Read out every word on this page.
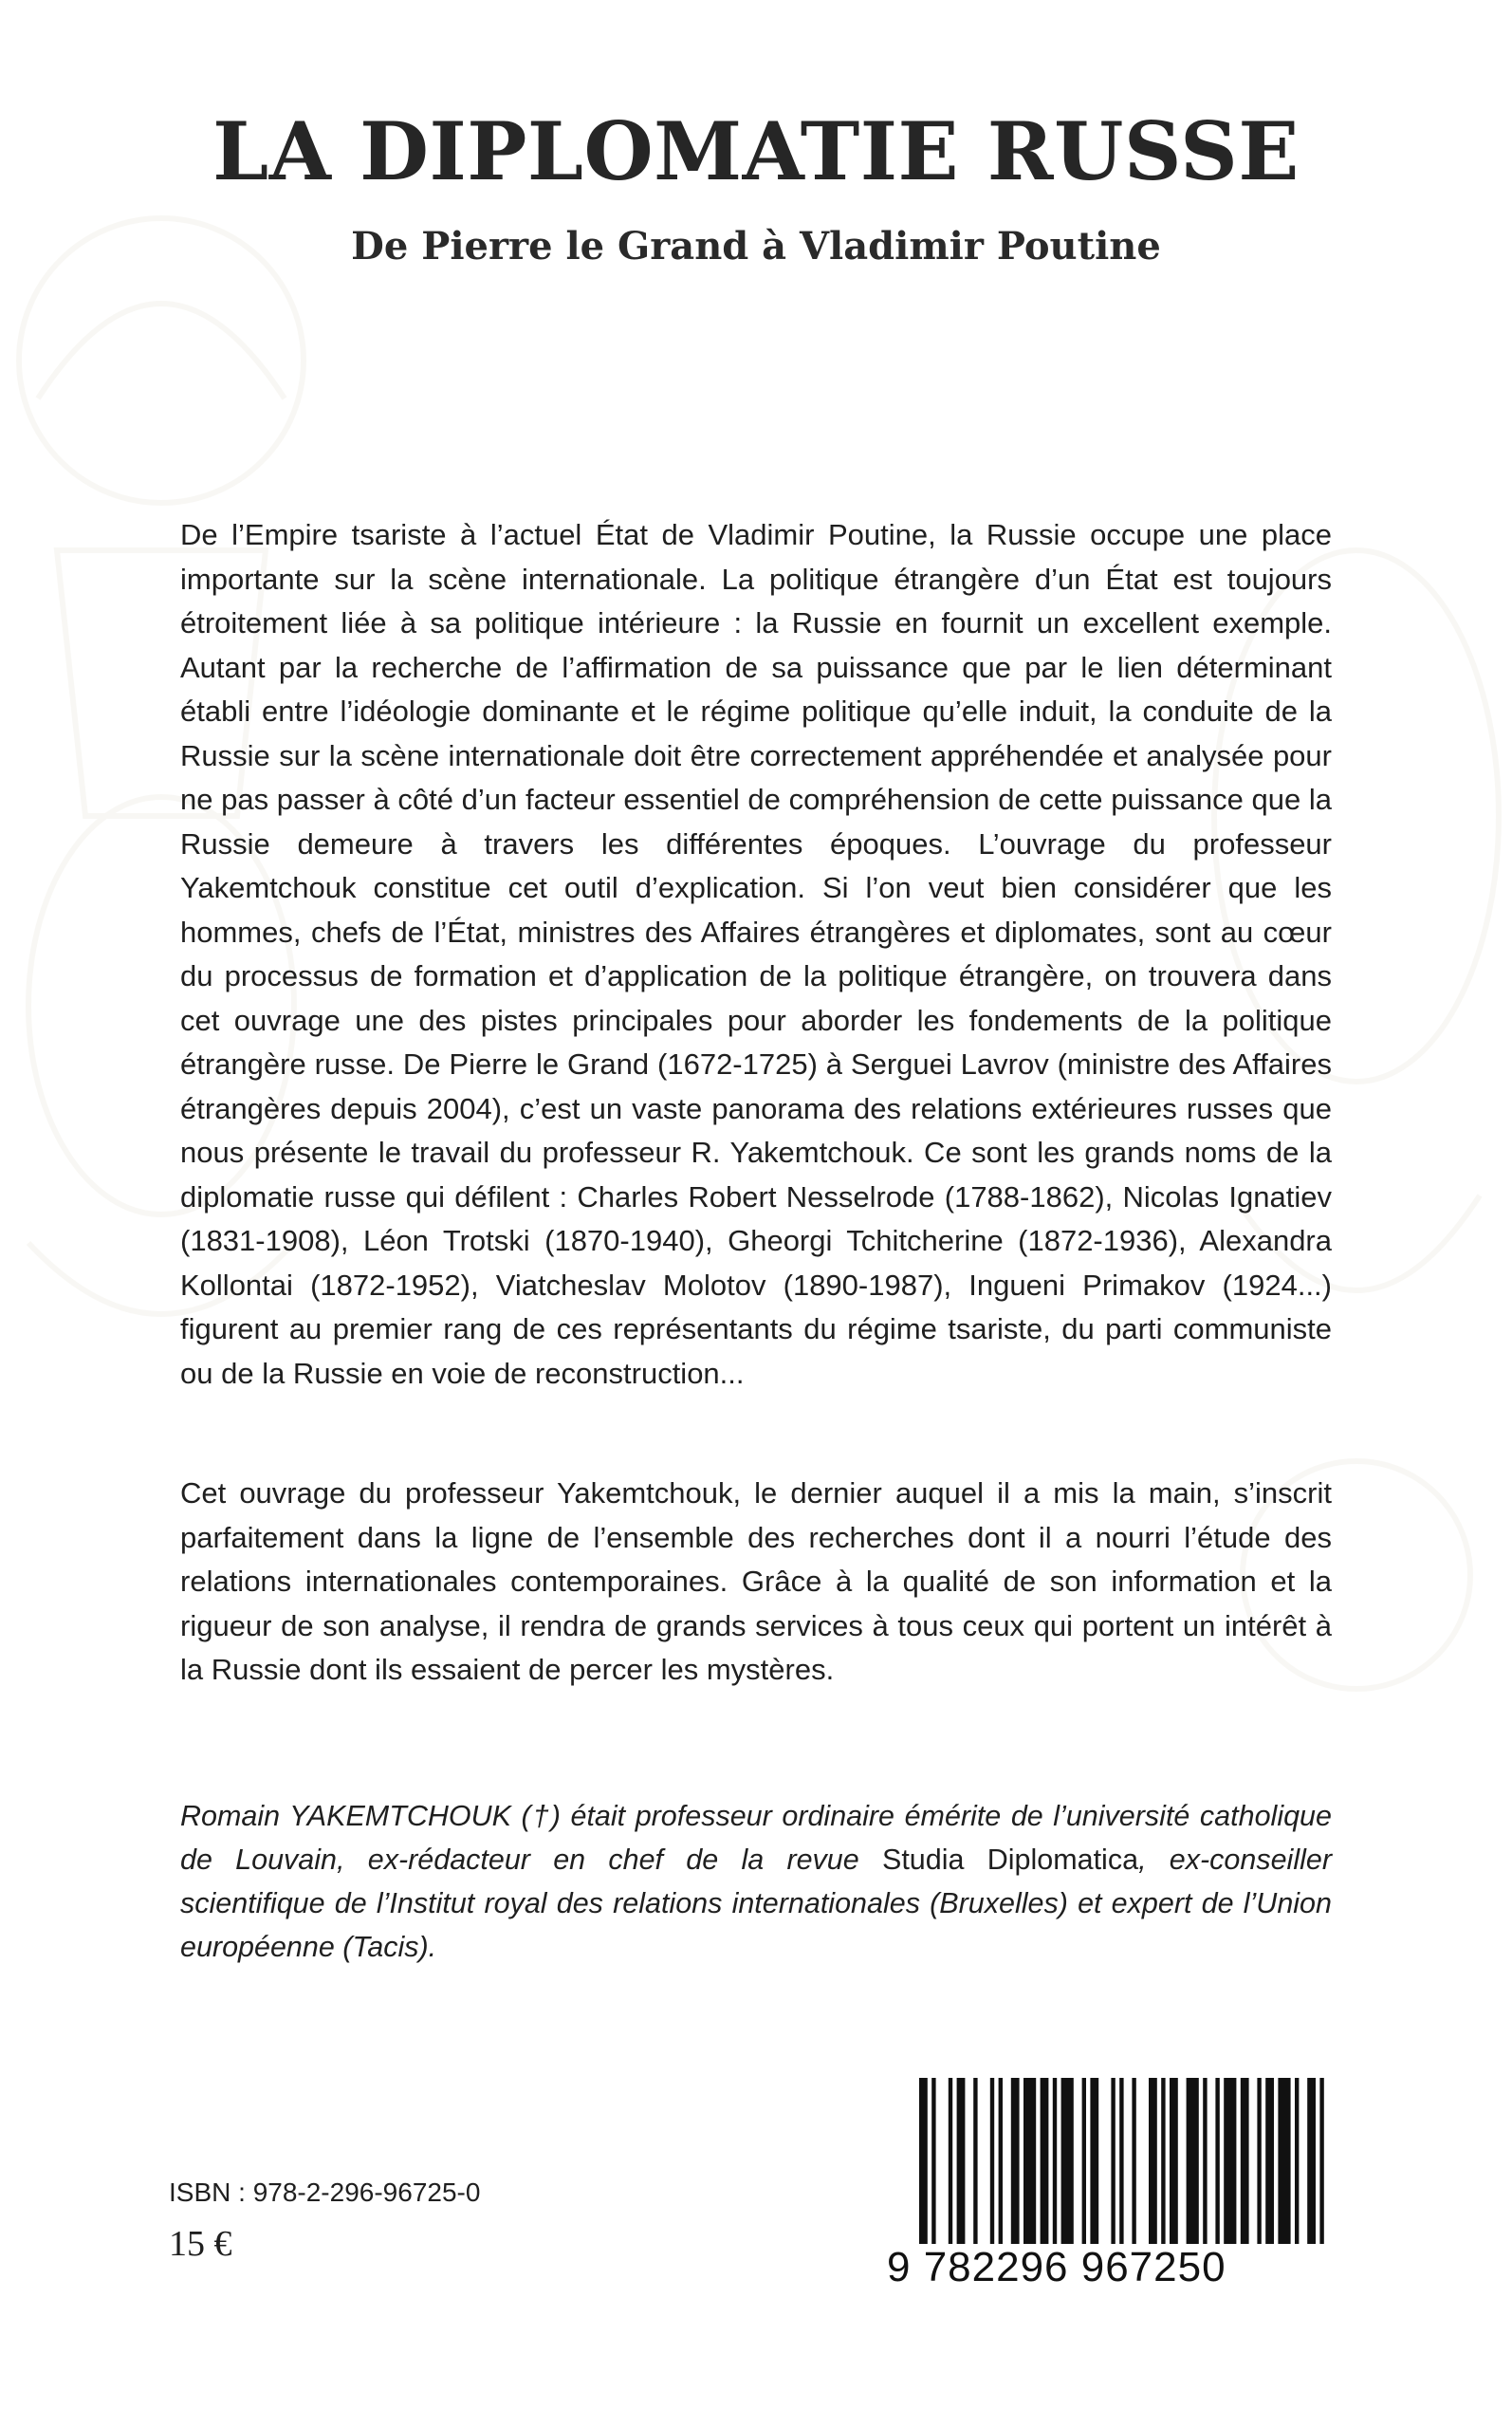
LA DIPLOMATIE RUSSE
De Pierre le Grand à Vladimir Poutine

De l’Empire tsariste à l’actuel État de Vladimir Poutine, la Russie occupe une place importante sur la scène internationale. La politique étrangère d’un État est toujours étroitement liée à sa politique intérieure : la Russie en fournit un excellent exemple. Autant par la recherche de l’affirmation de sa puissance que par le lien déterminant établi entre l’idéologie dominante et le régime politique qu’elle induit, la conduite de la Russie sur la scène internationale doit être correctement appréhendée et analysée pour ne pas passer à côté d’un facteur essentiel de compréhension de cette puissance que la Russie demeure à travers les différentes époques. L’ouvrage du professeur Yakemtchouk constitue cet outil d’explication. Si l’on veut bien considérer que les hommes, chefs de l’État, ministres des Affaires étrangères et diplomates, sont au cœur du processus de formation et d’application de la politique étrangère, on trouvera dans cet ouvrage une des pistes principales pour aborder les fondements de la politique étrangère russe. De Pierre le Grand (1672-1725) à Serguei Lavrov (ministre des Affaires étrangères depuis 2004), c’est un vaste panorama des relations extérieures russes que nous présente le travail du professeur R. Yakemtchouk. Ce sont les grands noms de la diplomatie russe qui défilent : Charles Robert Nesselrode (1788-1862), Nicolas Ignatiev (1831-1908), Léon Trotski (1870-1940), Gheorgi Tchitcherine (1872-1936), Alexandra Kollontai (1872-1952), Viatcheslav Molotov (1890-1987), Ingueni Primakov (1924...) figurent au premier rang de ces représentants du régime tsariste, du parti communiste ou de la Russie en voie de reconstruction...

Cet ouvrage du professeur Yakemtchouk, le dernier auquel il a mis la main, s’inscrit parfaitement dans la ligne de l’ensemble des recherches dont il a nourri l’étude des relations internationales contemporaines. Grâce à la qualité de son information et la rigueur de son analyse, il rendra de grands services à tous ceux qui portent un intérêt à la Russie dont ils essaient de percer les mystères.

Romain YAKEMTCHOUK (†) était professeur ordinaire émérite de l’université catholique de Louvain, ex-rédacteur en chef de la revue Studia Diplomatica, ex-conseiller scientifique de l’Institut royal des relations internationales (Bruxelles) et expert de l’Union européenne (Tacis).

ISBN : 978-2-296-96725-0
15 €	9 782296 967250
